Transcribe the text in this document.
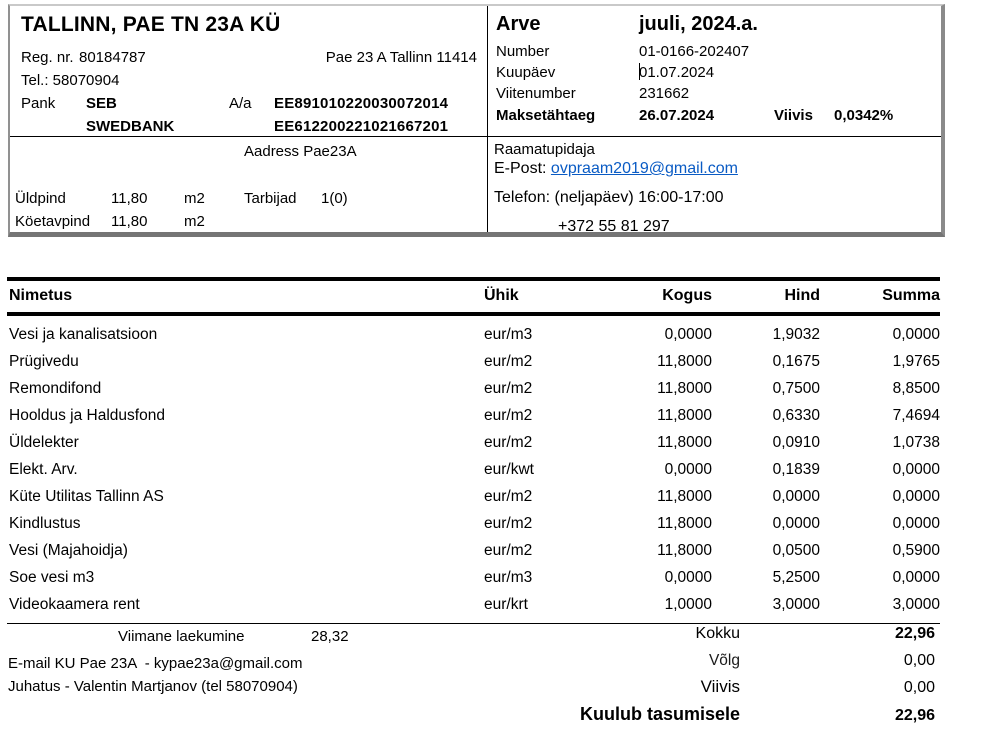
TALLINN, PAE TN 23A KÜ
Reg. nr. 80184787	Pae 23 A Tallinn 11414
Tel.: 58070904
Pank	SEB	A/a	EE891010220030072014
SWEDBANK	EE612200221021667201
Arve	juuli, 2024.a.
Number	01-0166-202407
Kuupäev	01.07.2024
Viitenumber	231662
Maksetähtaeg	26.07.2024	Viivis	0,0342%
Aadress Pae23A
Üldpind	11,80	m2	Tarbijad	1(0)
Köetavpind	11,80	m2
Raamatupidaja
E-Post: ovpraam2019@gmail.com
Telefon: (neljapäev) 16:00-17:00
+372 55 81 297
Nimetus	Ühik	Kogus	Hind	Summa
Vesi ja kanalisatsioon	eur/m3	0,0000	1,9032	0,0000
Prügivedu	eur/m2	11,8000	0,1675	1,9765
Remondifond	eur/m2	11,8000	0,7500	8,8500
Hooldus ja Haldusfond	eur/m2	11,8000	0,6330	7,4694
Üldelekter	eur/m2	11,8000	0,0910	1,0738
Elekt. Arv.	eur/kwt	0,0000	0,1839	0,0000
Küte Utilitas Tallinn AS	eur/m2	11,8000	0,0000	0,0000
Kindlustus	eur/m2	11,8000	0,0000	0,0000
Vesi (Majahoidja)	eur/m2	11,8000	0,0500	0,5900
Soe vesi m3	eur/m3	0,0000	5,2500	0,0000
Videokaamera rent	eur/krt	1,0000	3,0000	3,0000
Viimane laekumine	28,32
E-mail KU Pae 23A  - kypae23a@gmail.com
Juhatus - Valentin Martjanov (tel 58070904)
Kokku	22,96
Võlg	0,00
Viivis	0,00
Kuulub tasumisele	22,96
